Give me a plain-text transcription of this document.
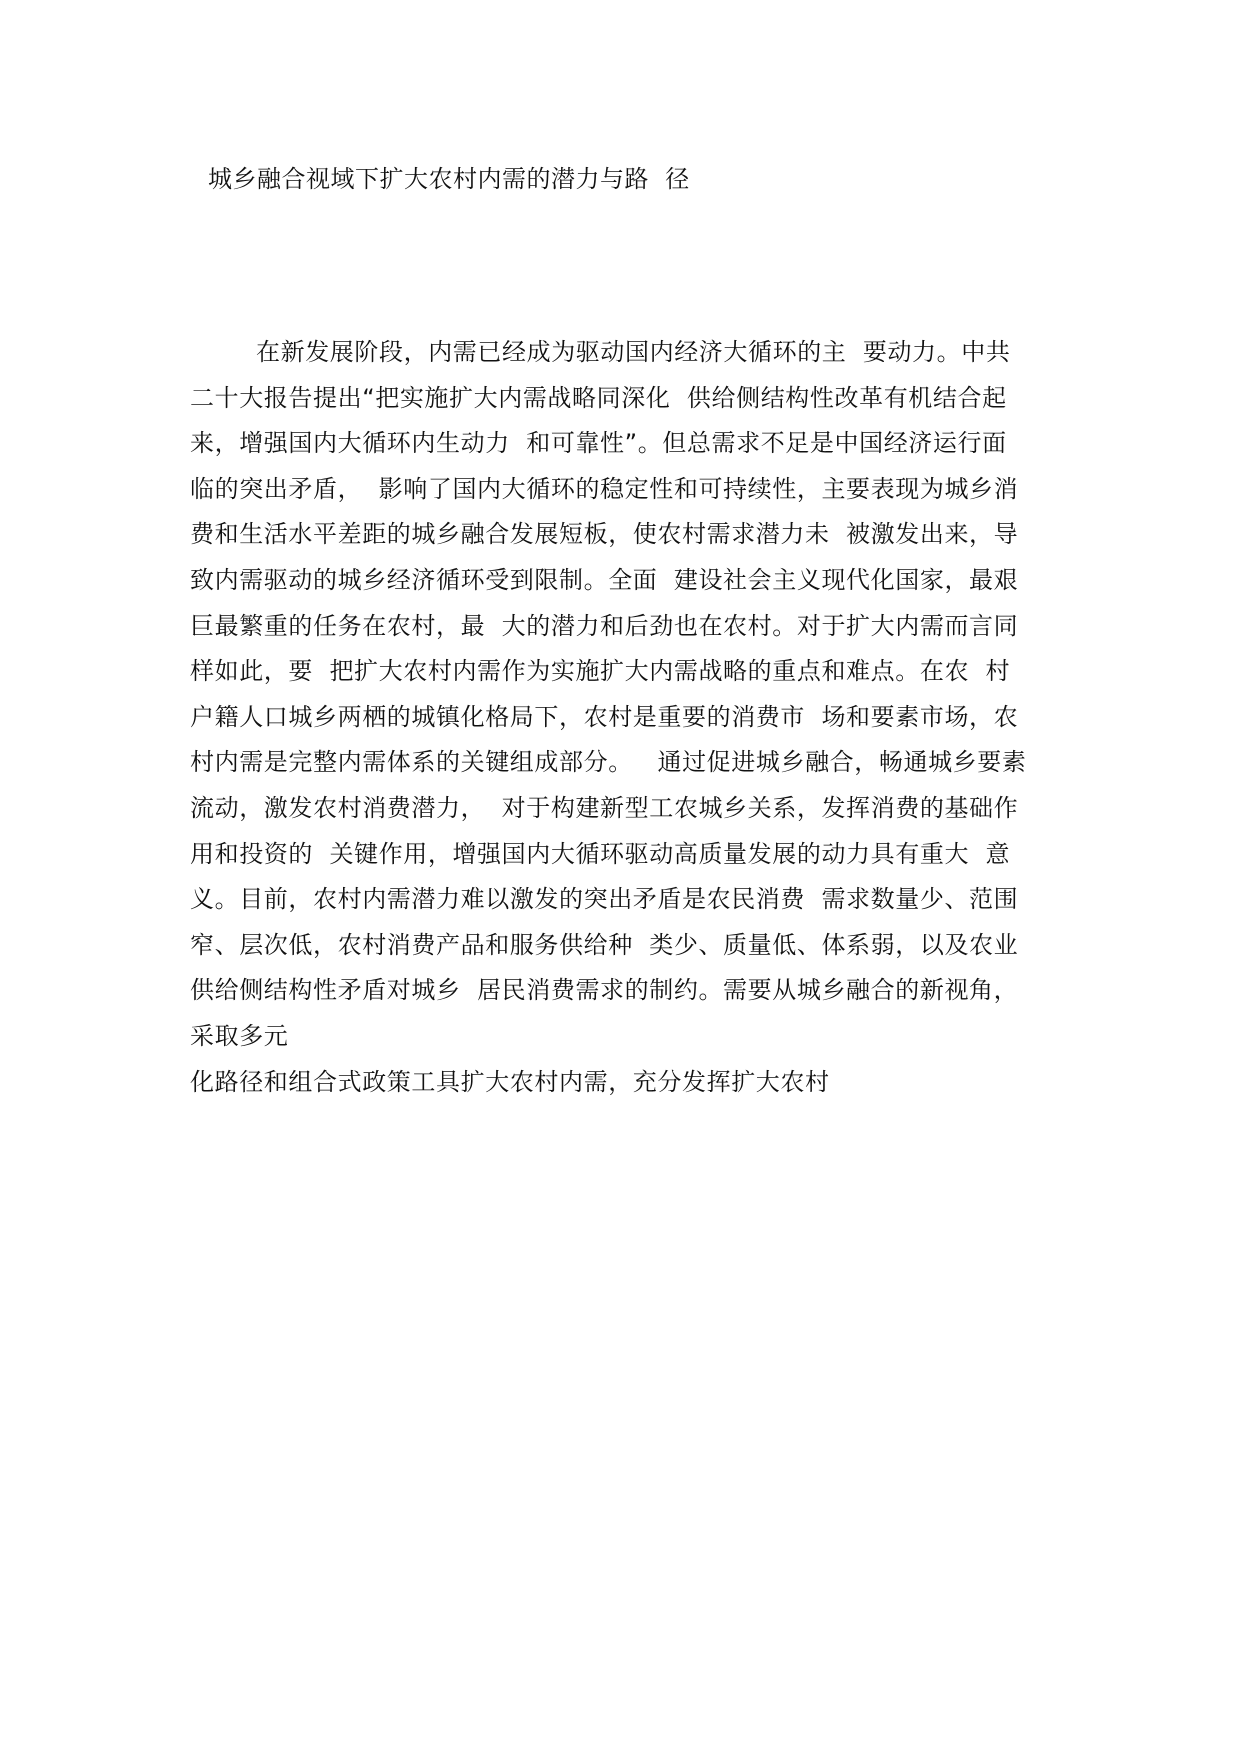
城乡融合视域下扩大农村内需的潜力与路  径
在新发展阶段，内需已经成为驱动国内经济大循环的主  要动力。中共
二十大报告提出“把实施扩大内需战略同深化  供给侧结构性改革有机结合起
来，增强国内大循环内生动力  和可靠性”。但总需求不足是中国经济运行面
临的突出矛盾，  影响了国内大循环的稳定性和可持续性，主要表现为城乡消
费和生活水平差距的城乡融合发展短板，使农村需求潜力未  被激发出来，导
致内需驱动的城乡经济循环受到限制。全面  建设社会主义现代化国家，最艰
巨最繁重的任务在农村，最  大的潜力和后劲也在农村。对于扩大内需而言同
样如此，要  把扩大农村内需作为实施扩大内需战略的重点和难点。在农  村
户籍人口城乡两栖的城镇化格局下，农村是重要的消费市  场和要素市场，农
村内需是完整内需体系的关键组成部分。   通过促进城乡融合，畅通城乡要素
流动，激发农村消费潜力，  对于构建新型工农城乡关系，发挥消费的基础作
用和投资的  关键作用，增强国内大循环驱动高质量发展的动力具有重大  意
义。目前，农村内需潜力难以激发的突出矛盾是农民消费  需求数量少、范围
窄、层次低，农村消费产品和服务供给种  类少、质量低、体系弱，以及农业
供给侧结构性矛盾对城乡  居民消费需求的制约。需要从城乡融合的新视角，
采取多元
化路径和组合式政策工具扩大农村内需，充分发挥扩大农村
